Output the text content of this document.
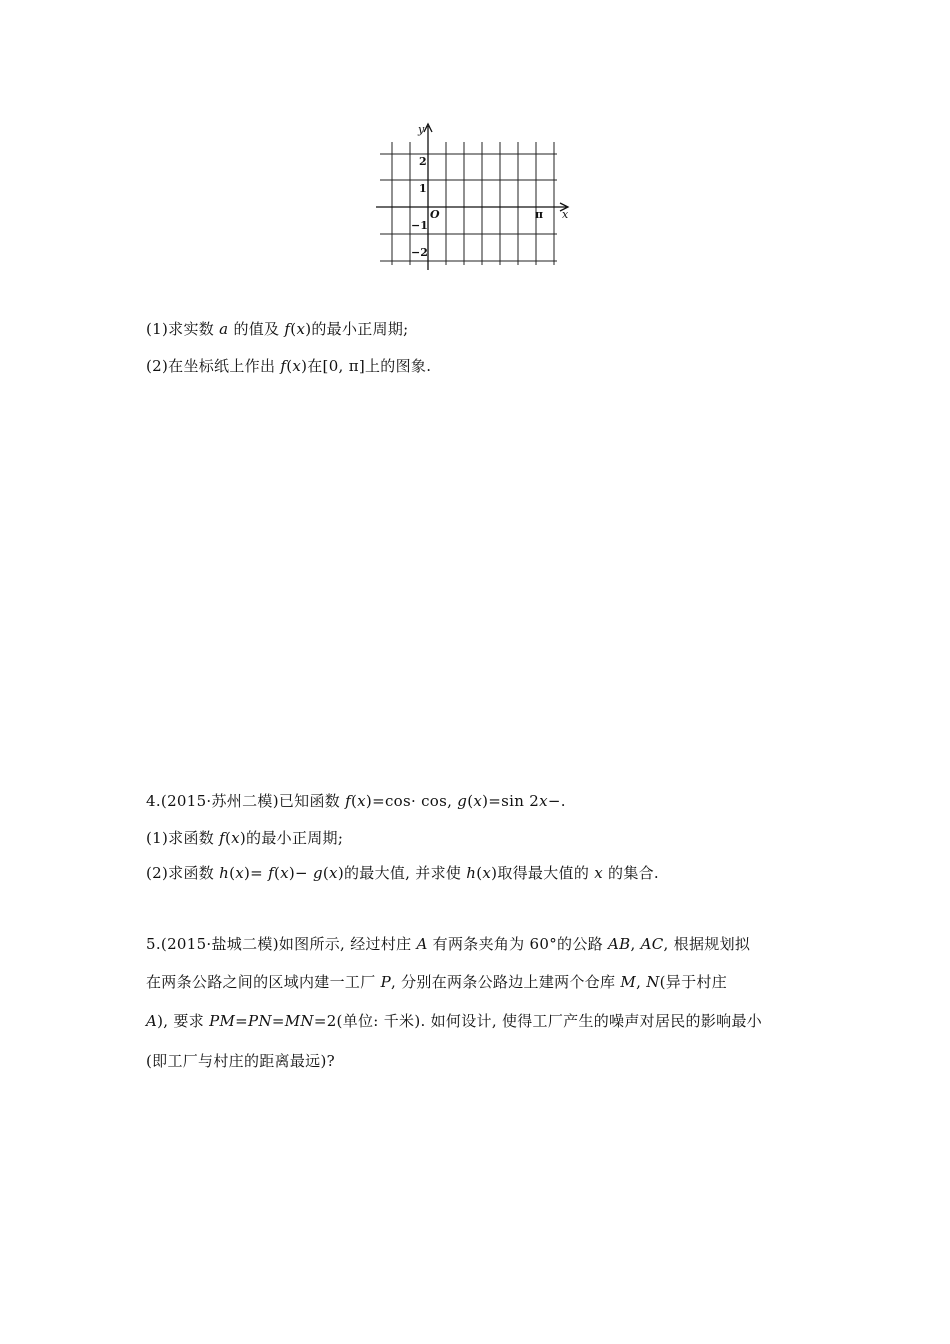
y
x
O	π
2
1
−1
−2
(1)求实数 a 的值及 f(x)的最小正周期;
(2)在坐标纸上作出 f(x)在[0, π]上的图象.
4.(2015·苏州二模)已知函数 f(x)=cos· cos, g(x)=sin 2x−.
(1)求函数 f(x)的最小正周期;
(2)求函数 h(x)= f(x)− g(x)的最大值, 并求使 h(x)取得最大值的 x 的集合.
5.(2015·盐城二模)如图所示, 经过村庄 A 有两条夹角为 60°的公路 AB, AC, 根据规划拟
在两条公路之间的区域内建一工厂 P, 分别在两条公路边上建两个仓库 M, N(异于村庄
A), 要求 PM=PN=MN=2(单位: 千米). 如何设计, 使得工厂产生的噪声对居民的影响最小
(即工厂与村庄的距离最远)?
